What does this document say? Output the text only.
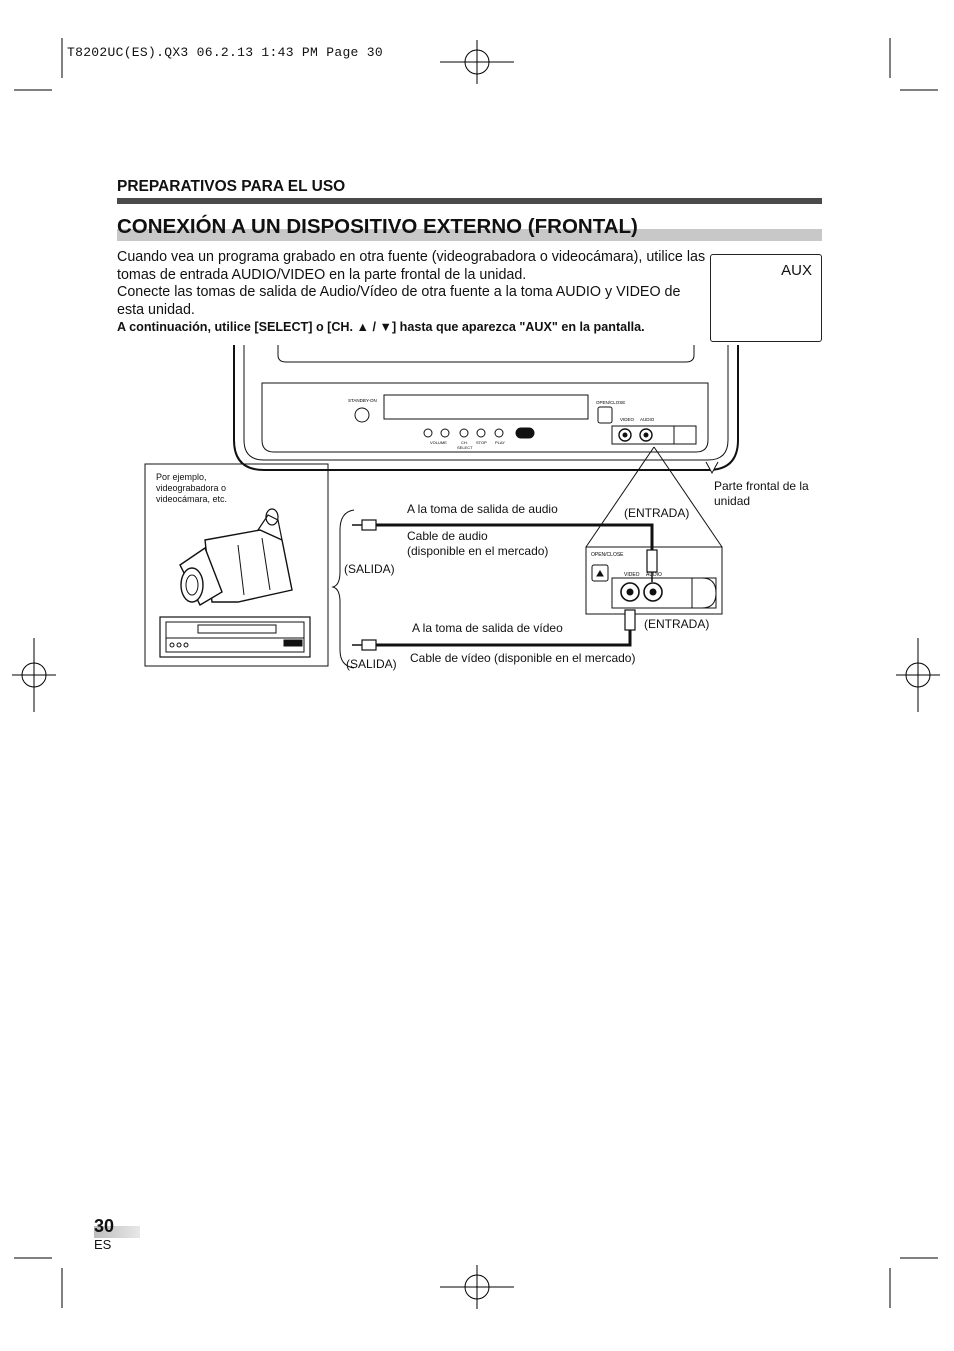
T8202UC(ES).QX3 06.2.13 1:43 PM Page 30
PREPARATIVOS PARA EL USO
CONEXIÓN A UN DISPOSITIVO EXTERNO (FRONTAL)

Cuando vea un programa grabado en otra fuente (videograbadora o videocámara), utilice las tomas de entrada AUDIO/VIDEO en la parte frontal de la unidad.

Conecte las tomas de salida de Audio/Vídeo de otra fuente a la toma AUDIO y VIDEO de esta unidad.

A continuación, utilice [SELECT] o [CH. ▲ / ▼] hasta que aparezca "AUX" en la pantalla.

AUX
STANDBY-ON	OPEN/CLOSE
VIDEO AUDIO
VOLUME	CH.
SELECT
STOP PLAY
OPEN/CLOSE
VIDEO AUDIO
Por ejemplo, videograbadora o videocámara, etc.
Parte frontal de la unidad
(ENTRADA)
(ENTRADA)
(SALIDA)
(SALIDA)
A la toma de salida de audio
Cable de audio
(disponible en el mercado)
A la toma de salida de vídeo
Cable de vídeo (disponible en el mercado)
30
ES
